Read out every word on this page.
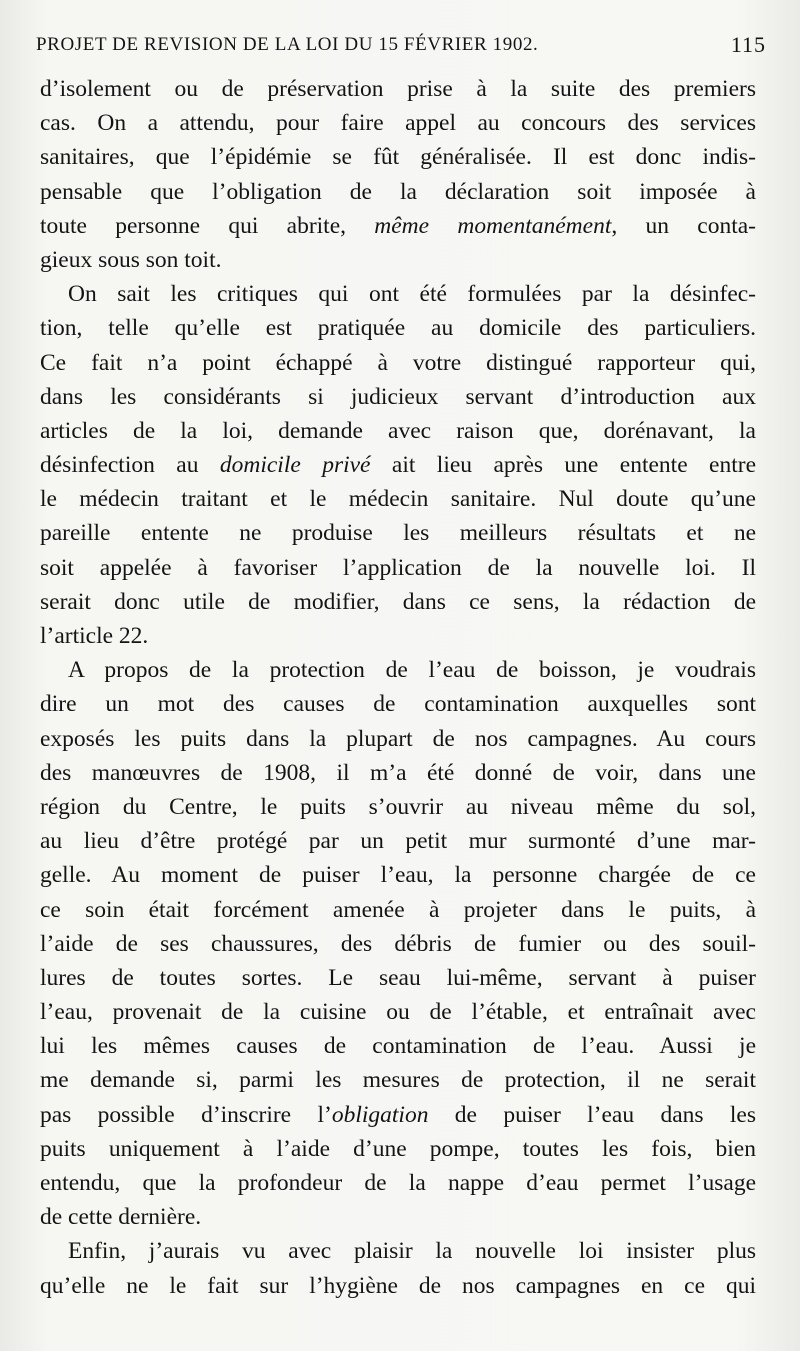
PROJET DE REVISION DE LA LOI DU 15 FÉVRIER 1902.	115
d’isolement ou de préservation prise à la suite des premiers
cas. On a attendu, pour faire appel au concours des services
sanitaires, que l’épidémie se fût généralisée. Il est donc indis-
pensable que l’obligation de la déclaration soit imposée à
toute personne qui abrite, même momentanément, un conta-
gieux sous son toit.
On sait les critiques qui ont été formulées par la désinfec-
tion, telle qu’elle est pratiquée au domicile des particuliers.
Ce fait n’a point échappé à votre distingué rapporteur qui,
dans les considérants si judicieux servant d’introduction aux
articles de la loi, demande avec raison que, dorénavant, la
désinfection au domicile privé ait lieu après une entente entre
le médecin traitant et le médecin sanitaire. Nul doute qu’une
pareille entente ne produise les meilleurs résultats et ne
soit appelée à favoriser l’application de la nouvelle loi. Il
serait donc utile de modifier, dans ce sens, la rédaction de
l’article 22.
A propos de la protection de l’eau de boisson, je voudrais
dire un mot des causes de contamination auxquelles sont
exposés les puits dans la plupart de nos campagnes. Au cours
des manœuvres de 1908, il m’a été donné de voir, dans une
région du Centre, le puits s’ouvrir au niveau même du sol,
au lieu d’être protégé par un petit mur surmonté d’une mar-
gelle. Au moment de puiser l’eau, la personne chargée de ce
ce soin était forcément amenée à projeter dans le puits, à
l’aide de ses chaussures, des débris de fumier ou des souil-
lures de toutes sortes. Le seau lui-même, servant à puiser
l’eau, provenait de la cuisine ou de l’étable, et entraînait avec
lui les mêmes causes de contamination de l’eau. Aussi je
me demande si, parmi les mesures de protection, il ne serait
pas possible d’inscrire l’obligation de puiser l’eau dans les
puits uniquement à l’aide d’une pompe, toutes les fois, bien
entendu, que la profondeur de la nappe d’eau permet l’usage
de cette dernière.
Enfin, j’aurais vu avec plaisir la nouvelle loi insister plus
qu’elle ne le fait sur l’hygiène de nos campagnes en ce qui
